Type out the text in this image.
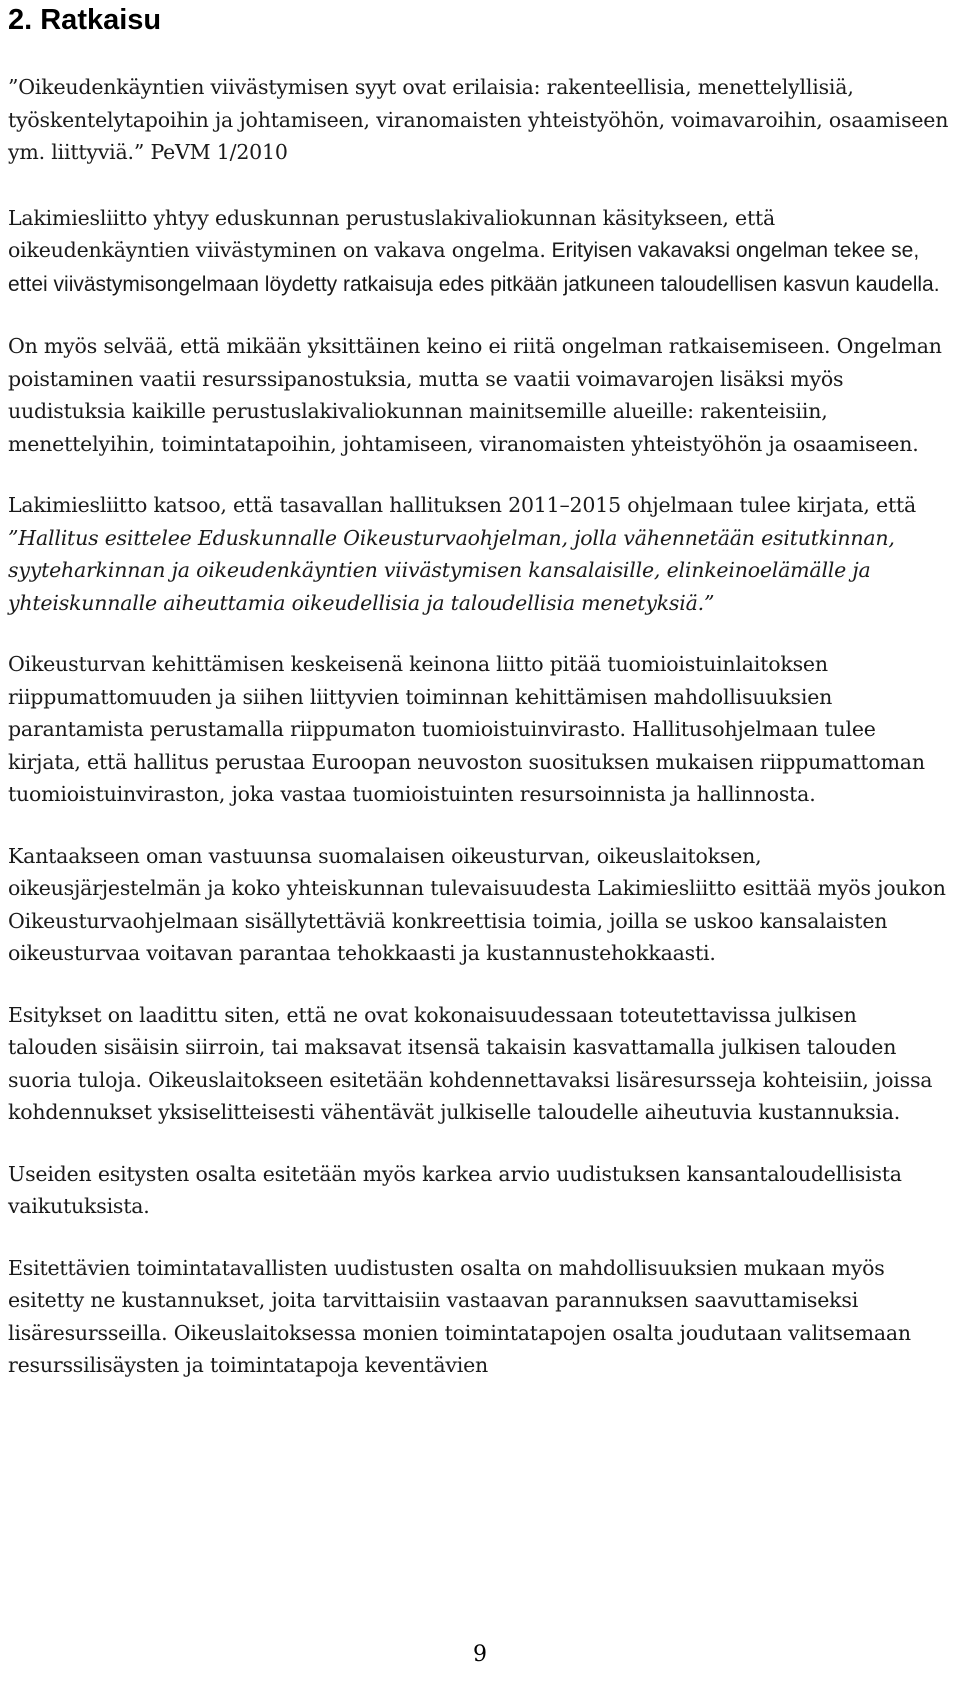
2. Ratkaisu

”Oikeudenkäyntien viivästymisen syyt ovat erilaisia: rakenteellisia, menettelyllisiä, työskentelytapoihin ja johtamiseen, viranomaisten yhteistyöhön, voimavaroihin, osaamiseen ym. liittyviä.” PeVM 1/2010

Lakimiesliitto yhtyy eduskunnan perustuslakivaliokunnan käsitykseen, että oikeudenkäyntien viivästyminen on vakava ongelma. Erityisen vakavaksi ongelman tekee se, ettei viivästymisongelmaan löydetty ratkaisuja edes pitkään jatkuneen taloudellisen kasvun kaudella.

On myös selvää, että mikään yksittäinen keino ei riitä ongelman ratkaisemiseen. Ongelman poistaminen vaatii resurssipanostuksia, mutta se vaatii voimavarojen lisäksi myös uudistuksia kaikille perustuslakivaliokunnan mainitsemille alueille: rakenteisiin, menettelyihin, toimintatapoihin, johtamiseen, viranomaisten yhteistyöhön ja osaamiseen.

Lakimiesliitto katsoo, että tasavallan hallituksen 2011–2015 ohjelmaan tulee kirjata, että ”Hallitus esittelee Eduskunnalle Oikeusturvaohjelman, jolla vähennetään esitutkinnan, syyteharkinnan ja oikeudenkäyntien viivästymisen kansalaisille, elinkeinoelämälle ja yhteiskunnalle aiheuttamia oikeudellisia ja taloudellisia menetyksiä.”

Oikeusturvan kehittämisen keskeisenä keinona liitto pitää tuomioistuinlaitoksen riippumattomuuden ja siihen liittyvien toiminnan kehittämisen mahdollisuuksien parantamista perustamalla riippumaton tuomioistuinvirasto. Hallitusohjelmaan tulee kirjata, että hallitus perustaa Euroopan neuvoston suosituksen mukaisen riippumattoman tuomioistuinviraston, joka vastaa tuomioistuinten resursoinnista ja hallinnosta.

Kantaakseen oman vastuunsa suomalaisen oikeusturvan, oikeuslaitoksen, oikeusjärjestelmän ja koko yhteiskunnan tulevaisuudesta Lakimiesliitto esittää myös joukon Oikeusturvaohjelmaan sisällytettäviä konkreettisia toimia, joilla se uskoo kansalaisten oikeusturvaa voitavan parantaa tehokkaasti ja kustannustehokkaasti.

Esitykset on laadittu siten, että ne ovat kokonaisuudessaan toteutettavissa julkisen talouden sisäisin siirroin, tai maksavat itsensä takaisin kasvattamalla julkisen talouden suoria tuloja. Oikeuslaitokseen esitetään kohdennettavaksi lisäresursseja kohteisiin, joissa kohdennukset yksiselitteisesti vähentävät julkiselle taloudelle aiheutuvia kustannuksia.

Useiden esitysten osalta esitetään myös karkea arvio uudistuksen kansantaloudellisista vaikutuksista.

Esitettävien toimintatavallisten uudistusten osalta on mahdollisuuksien mukaan myös esitetty ne kustannukset, joita tarvittaisiin vastaavan parannuksen saavuttamiseksi lisäresursseilla. Oikeuslaitoksessa monien toimintatapojen osalta joudutaan valitsemaan resurssilisäysten ja toimintatapoja keventävien

9
